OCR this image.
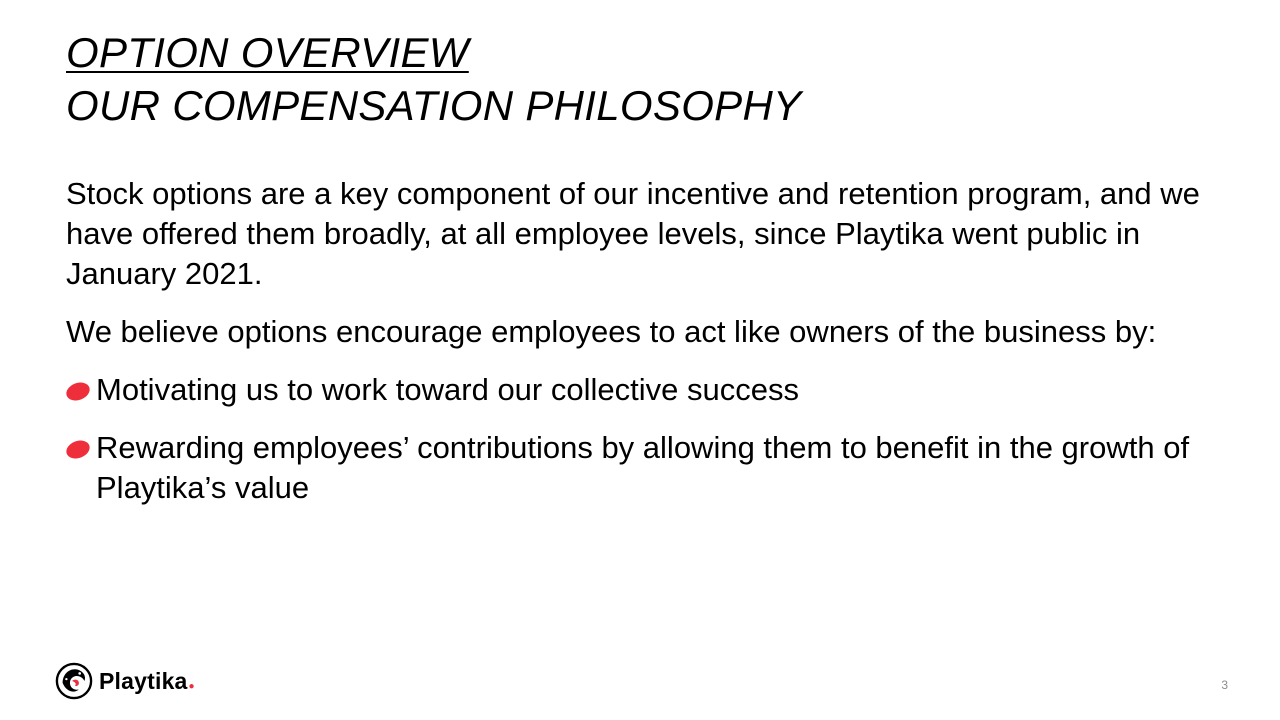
OPTION OVERVIEW
OUR COMPENSATION PHILOSOPHY

Stock options are a key component of our incentive and retention program, and we have offered them broadly, at all employee levels, since Playtika went public in January 2021.

We believe options encourage employees to act like owners of the business by:

Motivating us to work toward our collective success
Rewarding employees’ contributions by allowing them to benefit in the growth of Playtika’s value
Playtika ●	3
